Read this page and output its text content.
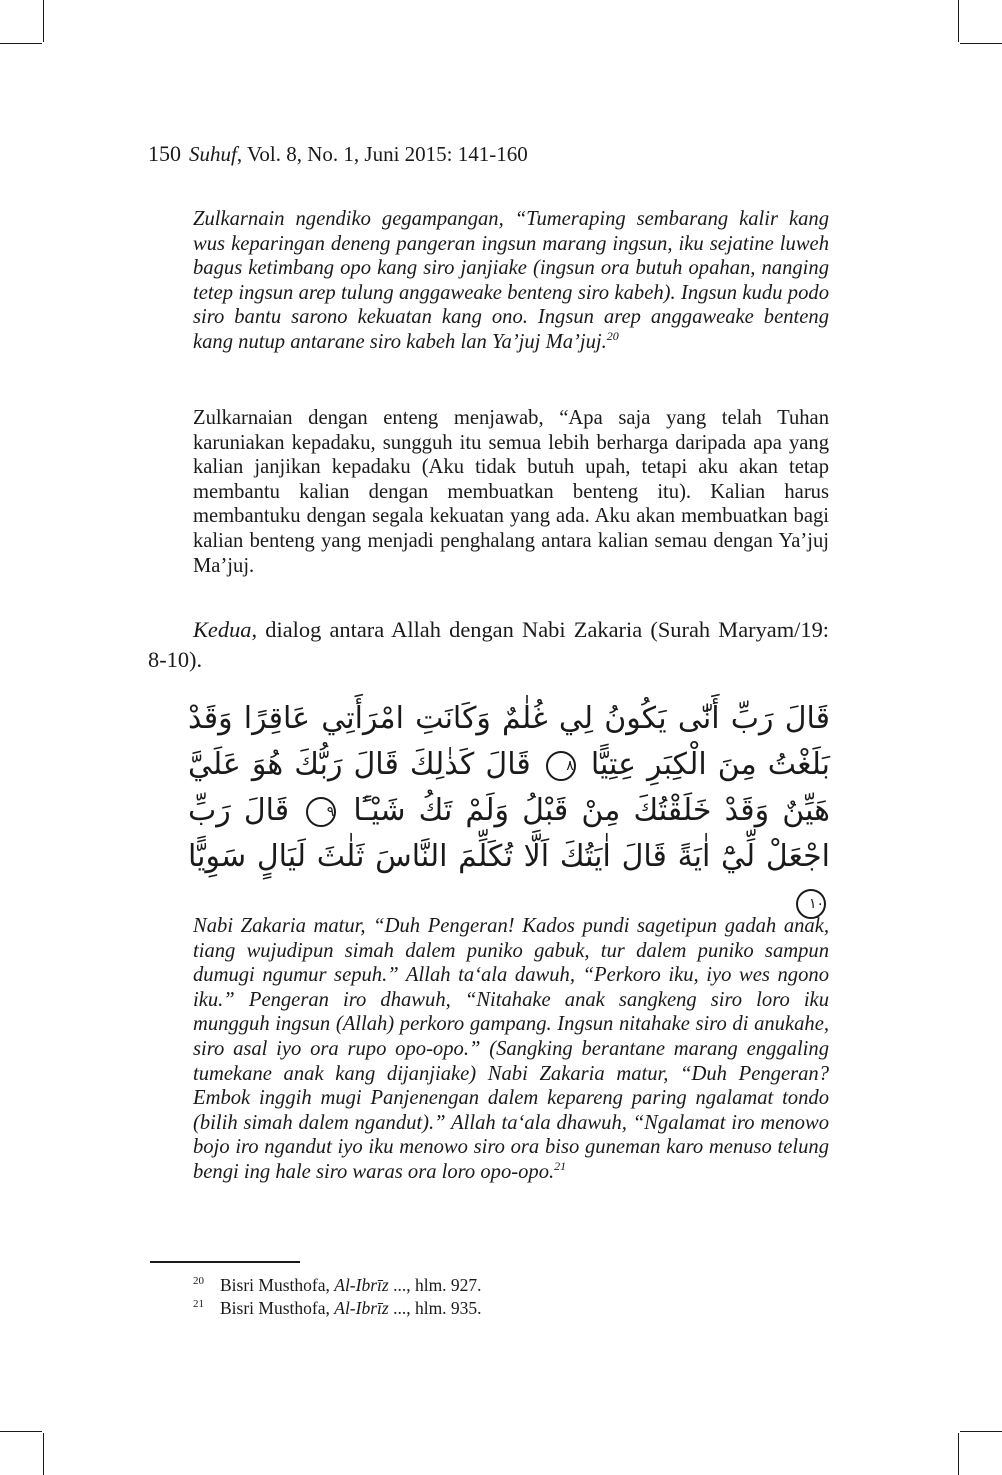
150 Suhuf, Vol. 8, No. 1, Juni 2015: 141-160

Zulkarnain ngendiko gegampangan, “Tumeraping sembarang kalir kang wus keparingan deneng pangeran ingsun marang ingsun, iku sejatine luweh bagus ketimbang opo kang siro janjiake (ingsun ora butuh opahan, nanging tetep ingsun arep tulung anggaweake benteng siro kabeh). Ingsun kudu podo siro bantu sarono kekuatan kang ono. Ingsun arep anggaweake benteng kang nutup antarane siro kabeh lan Ya’juj Ma’juj.$^{20}$

Zulkarnaian dengan enteng menjawab, “Apa saja yang telah Tuhan karuniakan kepadaku, sungguh itu semua lebih berharga daripada apa yang kalian janjikan kepadaku (Aku tidak butuh upah, tetapi aku akan tetap membantu kalian dengan membuatkan benteng itu). Kalian harus membantuku dengan segala kekuatan yang ada. Aku akan membuatkan bagi kalian benteng yang menjadi penghalang antara kalian semau dengan Ya’juj Ma’juj.

Kedua, dialog antara Allah dengan Nabi Zakaria (Surah Maryam/19: 8-10).
قَالَ رَبِّ أَنّٰى يَكُونُ لِي غُلٰمٌ وَكَانَتِ امْرَأَتِي عَاقِرًا وَقَدْ بَلَغْتُ مِنَ الْكِبَرِ عِتِيًّا ٨ قَالَ كَذٰلِكَ قَالَ رَبُّكَ هُوَ عَلَيَّ هَيِّنٌ وَقَدْ خَلَقْتُكَ مِنْ قَبْلُ وَلَمْ تَكُ شَيْـًٔا ٩ قَالَ رَبِّ اجْعَلْ لِّيْٓ اٰيَةً قَالَ اٰيَتُكَ اَلَّا تُكَلِّمَ النَّاسَ ثَلٰثَ لَيَالٍ سَوِيًّا ١٠

Nabi Zakaria matur, “Duh Pengeran! Kados pundi sagetipun gadah anak, tiang wujudipun simah dalem puniko gabuk, tur dalem puniko sampun dumugi ngumur sepuh.” Allah ta‘ala dawuh, “Perkoro iku, iyo wes ngono iku.” Pengeran iro dhawuh, “Nitahake anak sangkeng siro loro iku mungguh ingsun (Allah) perkoro gampang. Ingsun nitahake siro di anukahe, siro asal iyo ora rupo opo-opo.” (Sangking berantane marang enggaling tumekane anak kang dijanjiake) Nabi Zakaria matur, “Duh Pengeran? Embok inggih mugi Panjenengan dalem kepareng paring ngalamat tondo (bilih simah dalem ngandut).” Allah ta‘ala dhawuh, “Ngalamat iro menowo bojo iro ngandut iyo iku menowo siro ora biso guneman karo menuso telung bengi ing hale siro waras ora loro opo-opo.$^{21}$

$^{20}$ Bisri Musthofa, Al-Ibrīz ..., hlm. 927.
$^{21}$ Bisri Musthofa, Al-Ibrīz ..., hlm. 935.
